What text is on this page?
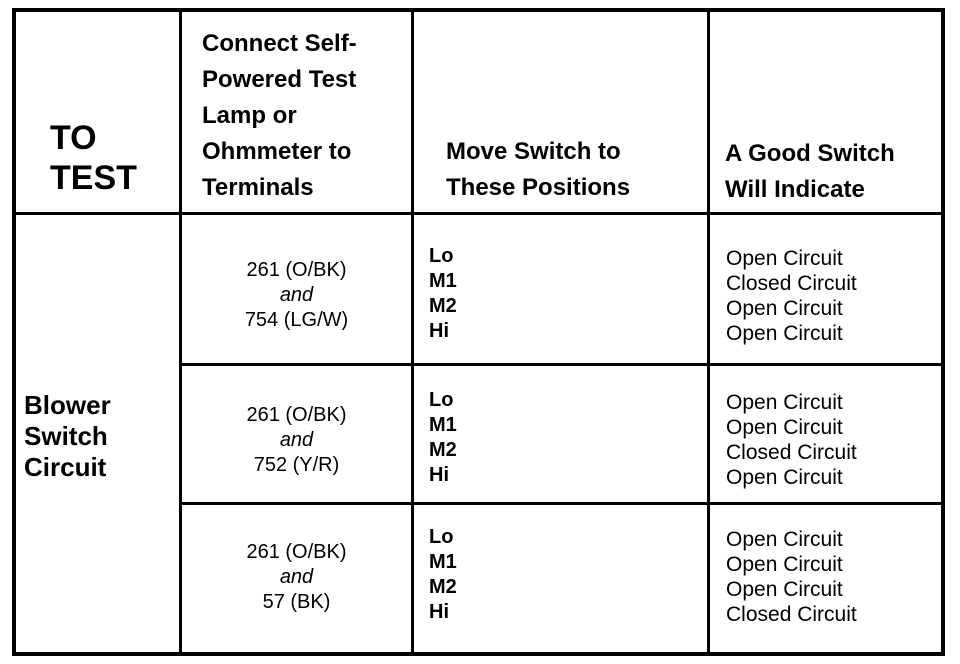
TO
TEST
Connect Self-
Powered Test
Lamp or
Ohmmeter to
Terminals
Move Switch to
These Positions
A Good Switch
Will Indicate
Blower
Switch
Circuit
261 (O/BK)
and
754 (LG/W)
Lo
M1
M2
Hi
Open Circuit
Closed Circuit
Open Circuit
Open Circuit
261 (O/BK)
and
752 (Y/R)
Lo
M1
M2
Hi
Open Circuit
Open Circuit
Closed Circuit
Open Circuit
261 (O/BK)
and
57 (BK)
Lo
M1
M2
Hi
Open Circuit
Open Circuit
Open Circuit
Closed Circuit
